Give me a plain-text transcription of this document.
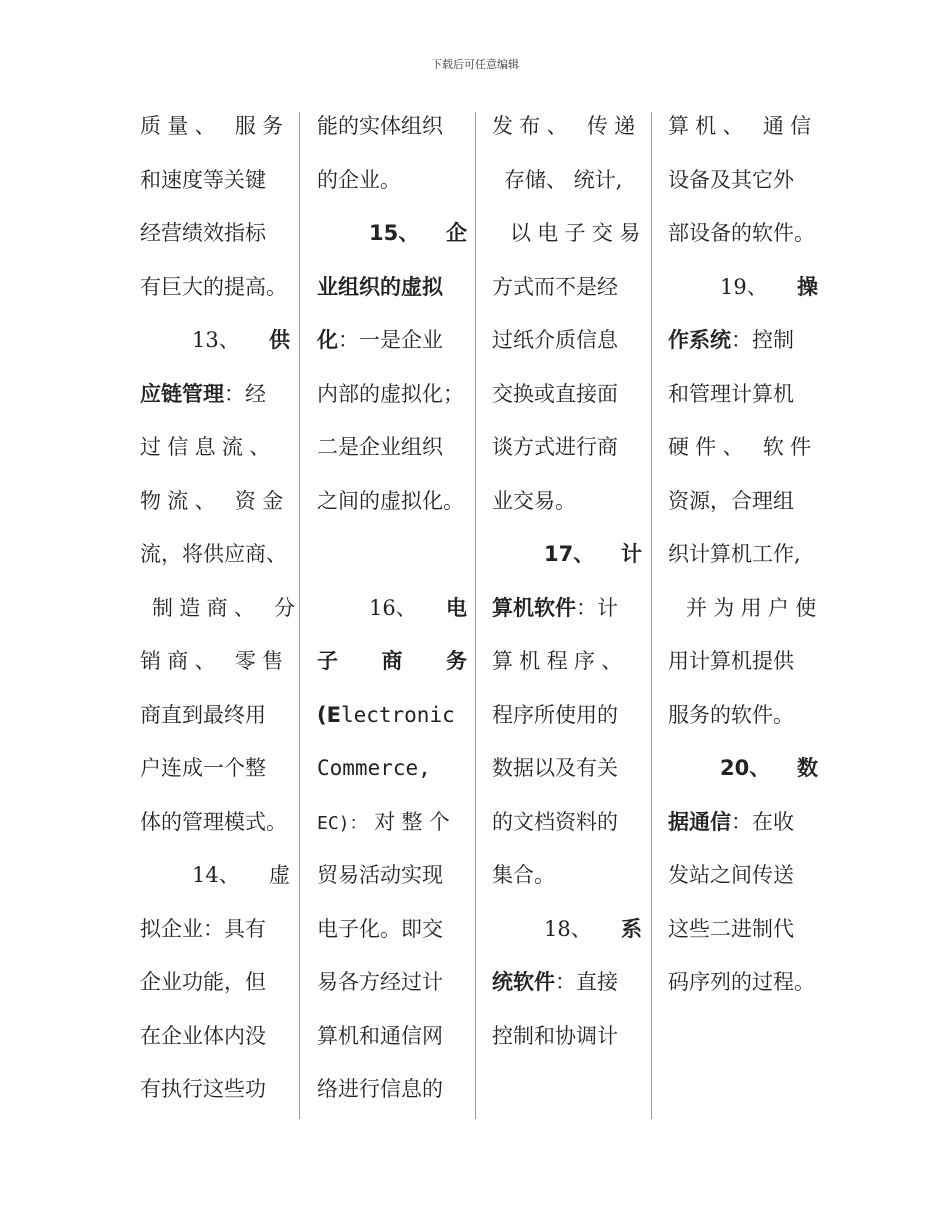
下载后可任意编辑
质量、 服务
和速度等关键
经营绩效指标
有巨大的提高。
13、 供
应链管理：经
过信息流、
物流、 资金
流，将供应商、
制造商、 分
销商、 零售
商直到最终用
户连成一个整
体的管理模式。
14、 虚
拟企业：具有
企业功能，但
在企业体内没
有执行这些功
能的实体组织
的企业。
15、 企
业组织的虚拟
化：一是企业
内部的虚拟化；
二是企业组织
之间的虚拟化。
16、 电
子 商 务
(Electronic
Commerce,
EC)： 对整个
贸易活动实现
电子化。即交
易各方经过计
算机和通信网
络进行信息的
发布、 传递
存储、 统计,
以电子交易
方式而不是经
过纸介质信息
交换或直接面
谈方式进行商
业交易。
17、 计
算机软件：计
算机程序、
程序所使用的
数据以及有关
的文档资料的
集合。
18、 系
统软件：直接
控制和协调计
算机、 通信
设备及其它外
部设备的软件。
19、 操
作系统：控制
和管理计算机
硬件、 软件
资源，合理组
织计算机工作,
并为用户使
用计算机提供
服务的软件。
20、 数
据通信：在收
发站之间传送
这些二进制代
码序列的过程。
